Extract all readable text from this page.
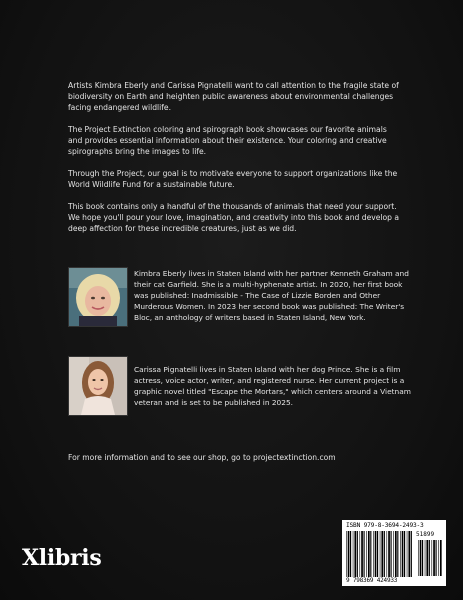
Artists Kimbra Eberly and Carissa Pignatelli want to call attention to the fragile state of biodiversity on Earth and heighten public awareness about environmental challenges facing endangered wildlife.

The Project Extinction coloring and spirograph book showcases our favorite animals and provides essential information about their existence. Your coloring and creative spirographs bring the images to life.

Through the Project, our goal is to motivate everyone to support organizations like the World Wildlife Fund for a sustainable future.

This book contains only a handful of the thousands of animals that need your support. We hope you'll pour your love, imagination, and creativity into this book and develop a deep affection for these incredible creatures, just as we did.

Kimbra Eberly lives in Staten Island with her partner Kenneth Graham and their cat Garfield. She is a multi-hyphenate artist. In 2020, her first book was published: Inadmissible - The Case of Lizzie Borden and Other Murderous Women. In 2023 her second book was published: The Writer's Bloc, an anthology of writers based in Staten Island, New York.

Carissa Pignatelli lives in Staten Island with her dog Prince. She is a film actress, voice actor, writer, and registered nurse. Her current project is a graphic novel titled "Escape the Mortars," which centers around a Vietnam veteran and is set to be published in 2025.

For more information and to see our shop, go to projectextinction.com

Xlibris
ISBN 979-8-3694-2493-3
51899
9 798369 424933
